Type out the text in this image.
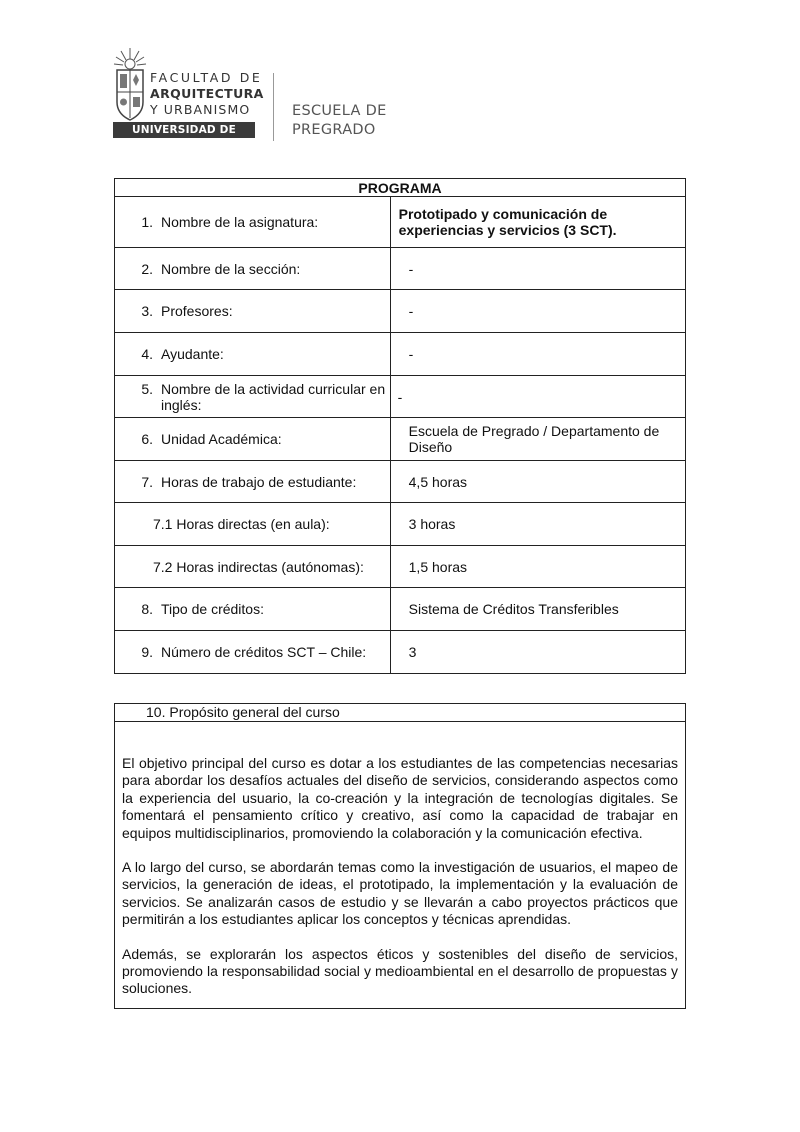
FACULTAD DE
ARQUITECTURA
Y URBANISMO
UNIVERSIDAD DE CHILE
ESCUELA DE
PREGRADO
PROGRAMA	

1. Nombre de la asignatura:	Prototipado y comunicación de experiencias y servicios (3 SCT).

2. Nombre de la sección:	-

3. Profesores:	-

4. Ayudante:	-

5. Nombre de la actividad curricular en inglés:	-

6. Unidad Académica:	Escuela de Pregrado / Departamento de Diseño

7. Horas de trabajo de estudiante:	4,5 horas

7.1 Horas directas (en aula):	3 horas

7.2 Horas indirectas (autónomas):	1,5 horas

8. Tipo de créditos:	Sistema de Créditos Transferibles

9. Número de créditos SCT – Chile:	3
10. Propósito general del curso

El objetivo principal del curso es dotar a los estudiantes de las competencias necesarias para abordar los desafíos actuales del diseño de servicios, considerando aspectos como la experiencia del usuario, la co-creación y la integración de tecnologías digitales. Se fomentará el pensamiento crítico y creativo, así como la capacidad de trabajar en equipos multidisciplinarios, promoviendo la colaboración y la comunicación efectiva.

A lo largo del curso, se abordarán temas como la investigación de usuarios, el mapeo de servicios, la generación de ideas, el prototipado, la implementación y la evaluación de servicios. Se analizarán casos de estudio y se llevarán a cabo proyectos prácticos que permitirán a los estudiantes aplicar los conceptos y técnicas aprendidas.

Además, se explorarán los aspectos éticos y sostenibles del diseño de servicios, promoviendo la responsabilidad social y medioambiental en el desarrollo de propuestas y soluciones.
